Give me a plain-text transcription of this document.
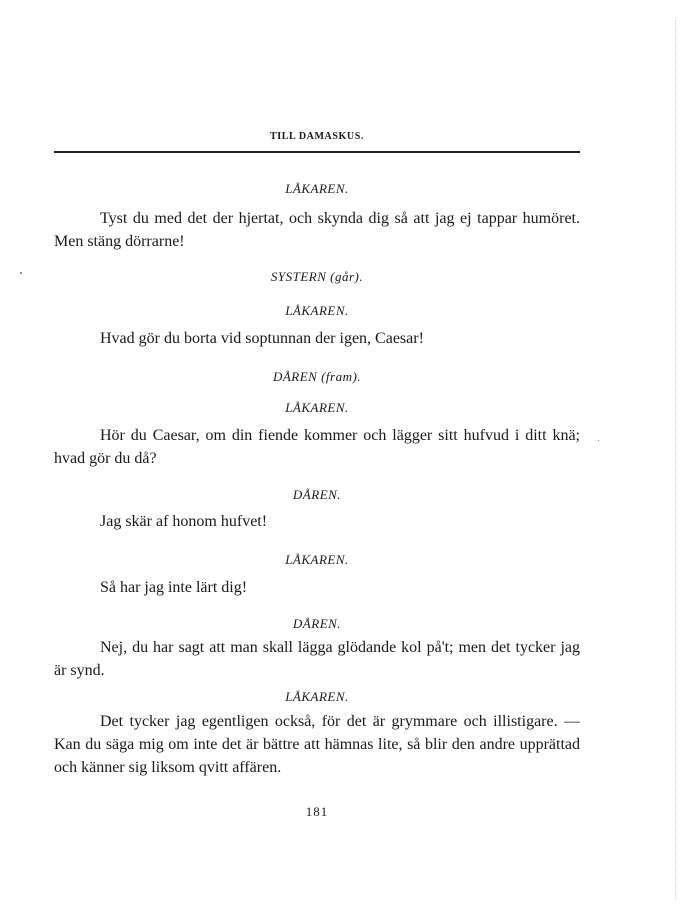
TILL DAMASKUS.
LÅKAREN.
Tyst du med det der hjertat, och skynda dig så att jag ej tappar humöret. Men stäng dörrarne!
SYSTERN (går).
LÅKAREN.
Hvad gör du borta vid soptunnan der igen, Caesar!
DÅREN (fram).
LÅKAREN.
Hör du Caesar, om din fiende kommer och lägger sitt hufvud i ditt knä; hvad gör du då?
DÅREN.
Jag skär af honom hufvet!
LÅKAREN.
Så har jag inte lärt dig!
DÅREN.
Nej, du har sagt att man skall lägga glödande kol på't; men det tycker jag är synd.
LÅKAREN.
Det tycker jag egentligen också, för det är grymmare och illistigare. — Kan du säga mig om inte det är bättre att hämnas lite, så blir den andre upprättad och känner sig liksom qvitt affären.
181
